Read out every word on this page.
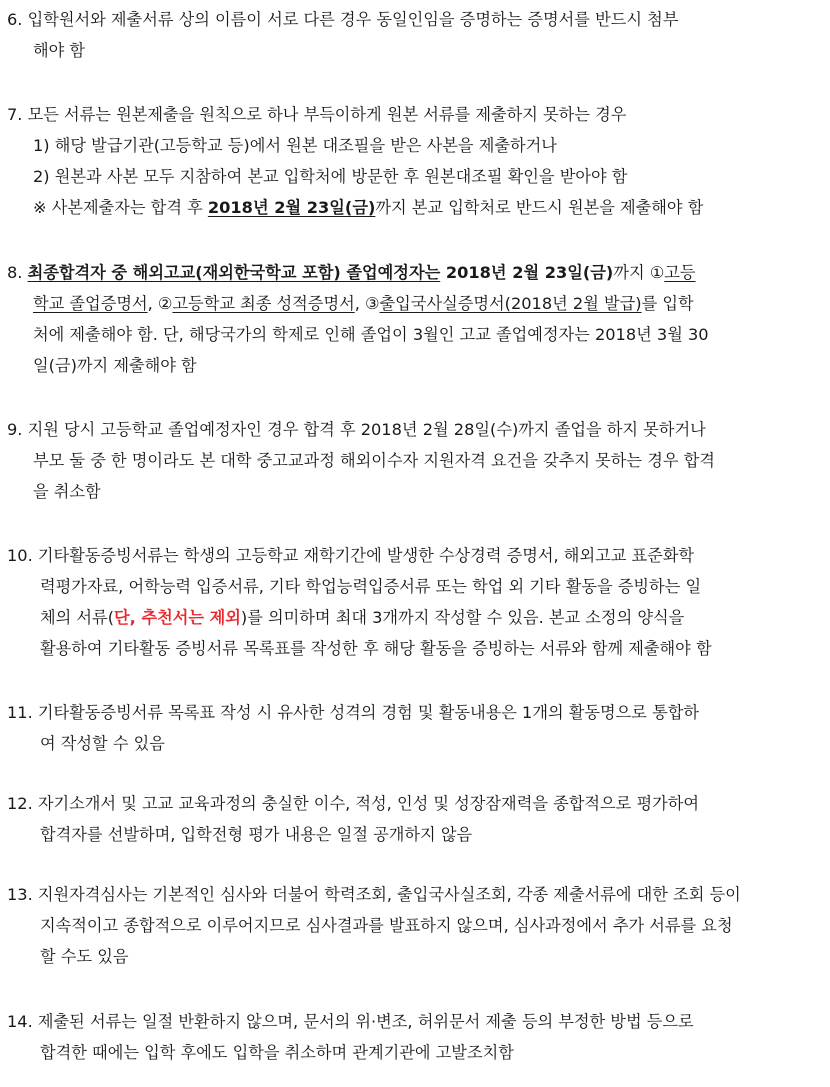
6. 입학원서와 제출서류 상의 이름이 서로 다른 경우 동일인임을 증명하는 증명서를 반드시 첨부
해야 함
7. 모든 서류는 원본제출을 원칙으로 하나 부득이하게 원본 서류를 제출하지 못하는 경우
1) 해당 발급기관(고등학교 등)에서 원본 대조필을 받은 사본을 제출하거나
2) 원본과 사본 모두 지참하여 본교 입학처에 방문한 후 원본대조필 확인을 받아야 함
※ 사본제출자는 합격 후 2018년 2월 23일(금)까지 본교 입학처로 반드시 원본을 제출해야 함
8. 최종합격자 중 해외고교(재외한국학교 포함) 졸업예정자는 2018년 2월 23일(금)까지 ①고등
학교 졸업증명서, ②고등학교 최종 성적증명서, ③출입국사실증명서(2018년 2월 발급)를 입학
처에 제출해야 함. 단, 해당국가의 학제로 인해 졸업이 3월인 고교 졸업예정자는 2018년 3월 30
일(금)까지 제출해야 함
9. 지원 당시 고등학교 졸업예정자인 경우 합격 후 2018년 2월 28일(수)까지 졸업을 하지 못하거나
부모 둘 중 한 명이라도 본 대학 중고교과정 해외이수자 지원자격 요건을 갖추지 못하는 경우 합격
을 취소함
10. 기타활동증빙서류는 학생의 고등학교 재학기간에 발생한 수상경력 증명서, 해외고교 표준화학
력평가자료, 어학능력 입증서류, 기타 학업능력입증서류 또는 학업 외 기타 활동을 증빙하는 일
체의 서류(단, 추천서는 제외)를 의미하며 최대 3개까지 작성할 수 있음. 본교 소정의 양식을
활용하여 기타활동 증빙서류 목록표를 작성한 후 해당 활동을 증빙하는 서류와 함께 제출해야 함
11. 기타활동증빙서류 목록표 작성 시 유사한 성격의 경험 및 활동내용은 1개의 활동명으로 통합하
여 작성할 수 있음
12. 자기소개서 및 고교 교육과정의 충실한 이수, 적성, 인성 및 성장잠재력을 종합적으로 평가하여
합격자를 선발하며, 입학전형 평가 내용은 일절 공개하지 않음
13. 지원자격심사는 기본적인 심사와 더불어 학력조회, 출입국사실조회, 각종 제출서류에 대한 조회 등이
지속적이고 종합적으로 이루어지므로 심사결과를 발표하지 않으며, 심사과정에서 추가 서류를 요청
할 수도 있음
14. 제출된 서류는 일절 반환하지 않으며, 문서의 위·변조, 허위문서 제출 등의 부정한 방법 등으로
합격한 때에는 입학 후에도 입학을 취소하며 관계기관에 고발조치함
